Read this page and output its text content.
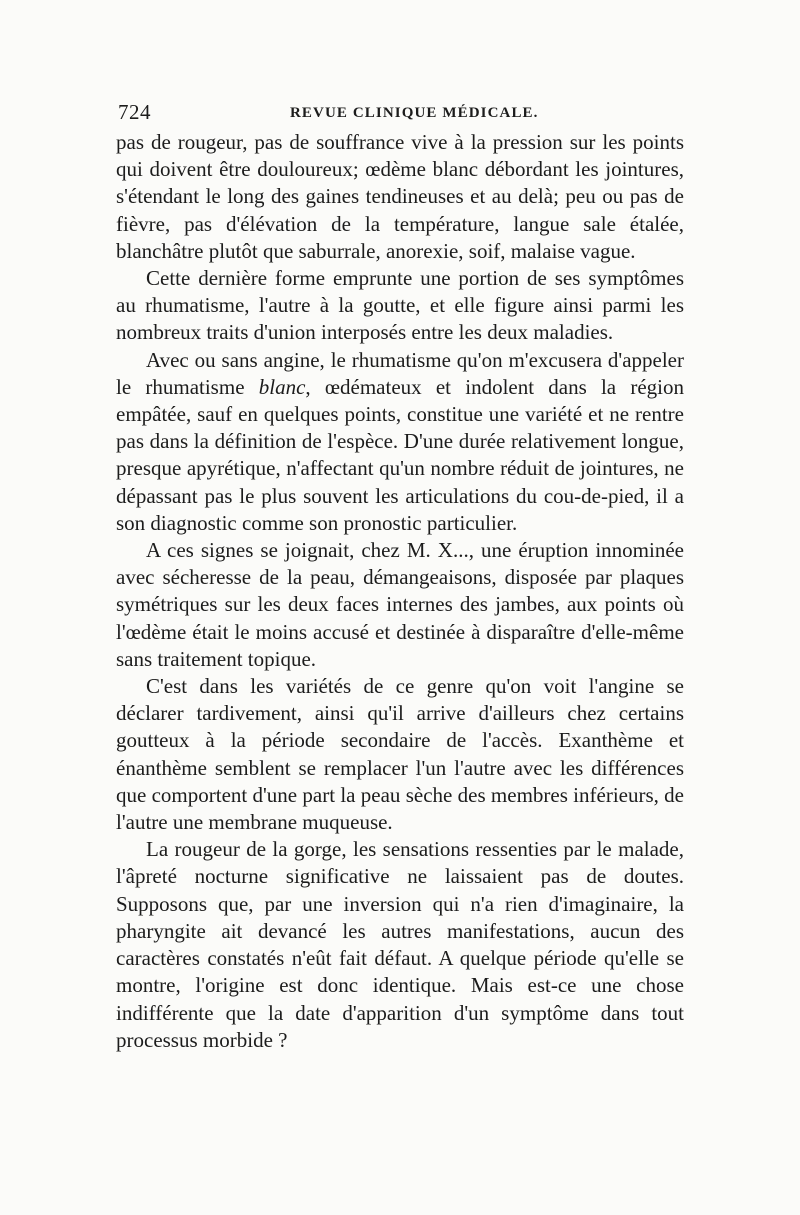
724	REVUE CLINIQUE MÉDICALE.

pas de rougeur, pas de souffrance vive à la pression sur les points qui doivent être douloureux; œdème blanc débordant les jointures, s'étendant le long des gaines tendineuses et au delà; peu ou pas de fièvre, pas d'élévation de la température, langue sale étalée, blanchâtre plutôt que saburrale, anorexie, soif, malaise vague.

Cette dernière forme emprunte une portion de ses symptômes au rhumatisme, l'autre à la goutte, et elle figure ainsi parmi les nombreux traits d'union interposés entre les deux maladies.

Avec ou sans angine, le rhumatisme qu'on m'excusera d'appeler le rhumatisme blanc, œdémateux et indolent dans la région empâtée, sauf en quelques points, constitue une variété et ne rentre pas dans la définition de l'espèce. D'une durée relativement longue, presque apyrétique, n'affectant qu'un nombre réduit de jointures, ne dépassant pas le plus souvent les articulations du cou-de-pied, il a son diagnostic comme son pronostic particulier.

A ces signes se joignait, chez M. X..., une éruption innominée avec sécheresse de la peau, démangeaisons, disposée par plaques symétriques sur les deux faces internes des jambes, aux points où l'œdème était le moins accusé et destinée à disparaître d'elle-même sans traitement topique.

C'est dans les variétés de ce genre qu'on voit l'angine se déclarer tardivement, ainsi qu'il arrive d'ailleurs chez certains goutteux à la période secondaire de l'accès. Exanthème et énanthème semblent se remplacer l'un l'autre avec les différences que comportent d'une part la peau sèche des membres inférieurs, de l'autre une membrane muqueuse.

La rougeur de la gorge, les sensations ressenties par le malade, l'âpreté nocturne significative ne laissaient pas de doutes. Supposons que, par une inversion qui n'a rien d'imaginaire, la pharyngite ait devancé les autres manifestations, aucun des caractères constatés n'eût fait défaut. A quelque période qu'elle se montre, l'origine est donc identique. Mais est-ce une chose indifférente que la date d'apparition d'un symptôme dans tout processus morbide ?
